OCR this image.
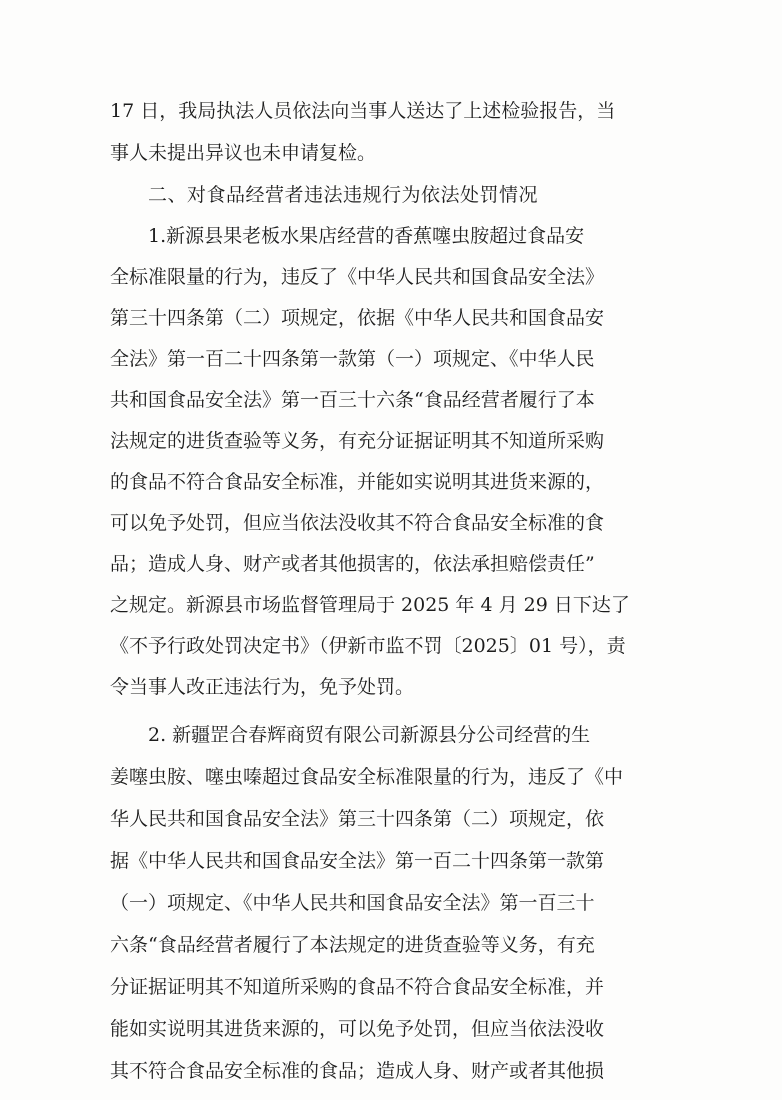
17 日，我局执法人员依法向当事人送达了上述检验报告，当

事人未提出异议也未申请复检。

二、对食品经营者违法违规行为依法处罚情况

1.新源县果老板水果店经营的香蕉噻虫胺超过食品安

全标准限量的行为，违反了《中华人民共和国食品安全法》

第三十四条第（二）项规定，依据《中华人民共和国食品安

全法》第一百二十四条第一款第（一）项规定、《中华人民

共和国食品安全法》第一百三十六条“食品经营者履行了本

法规定的进货查验等义务，有充分证据证明其不知道所采购

的食品不符合食品安全标准，并能如实说明其进货来源的，

可以免予处罚，但应当依法没收其不符合食品安全标准的食

品；造成人身、财产或者其他损害的，依法承担赔偿责任”

之规定。新源县市场监督管理局于 2025 年 4 月 29 日下达了

《不予行政处罚决定书》（伊新市监不罚〔2025〕01 号），责

令当事人改正违法行为，免予处罚。

2. 新疆罡合春辉商贸有限公司新源县分公司经营的生

姜噻虫胺、噻虫嗪超过食品安全标准限量的行为，违反了《中

华人民共和国食品安全法》第三十四条第（二）项规定，依

据《中华人民共和国食品安全法》第一百二十四条第一款第

（一）项规定、《中华人民共和国食品安全法》第一百三十

六条“食品经营者履行了本法规定的进货查验等义务，有充

分证据证明其不知道所采购的食品不符合食品安全标准，并

能如实说明其进货来源的，可以免予处罚，但应当依法没收

其不符合食品安全标准的食品；造成人身、财产或者其他损
